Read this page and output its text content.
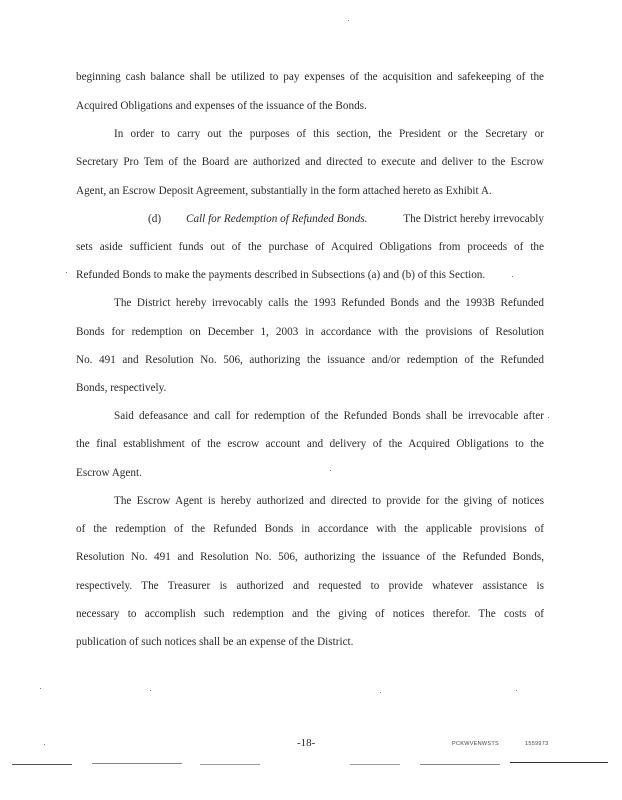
beginning cash balance shall be utilized to pay expenses of the acquisition and safekeeping of the
Acquired Obligations and expenses of the issuance of the Bonds.
In order to carry out the purposes of this section, the President or the Secretary or
Secretary Pro Tem of the Board are authorized and directed to execute and deliver to the Escrow
Agent, an Escrow Deposit Agreement, substantially in the form attached hereto as Exhibit A.
(d) Call for Redemption of Refunded Bonds.	The District hereby irrevocably
sets aside sufficient funds out of the purchase of Acquired Obligations from proceeds of the
Refunded Bonds to make the payments described in Subsections (a) and (b) of this Section.
The District hereby irrevocably calls the 1993 Refunded Bonds and the 1993B Refunded
Bonds for redemption on December 1, 2003 in accordance with the provisions of Resolution
No. 491 and Resolution No. 506, authorizing the issuance and/or redemption of the Refunded
Bonds, respectively.
Said defeasance and call for redemption of the Refunded Bonds shall be irrevocable after
the final establishment of the escrow account and delivery of the Acquired Obligations to the
Escrow Agent.
The Escrow Agent is hereby authorized and directed to provide for the giving of notices
of the redemption of the Refunded Bonds in accordance with the applicable provisions of
Resolution No. 491 and Resolution No. 506, authorizing the issuance of the Refunded Bonds,
respectively. The Treasurer is authorized and requested to provide whatever assistance is
necessary to accomplish such redemption and the giving of notices therefor. The costs of
publication of such notices shall be an expense of the District.
-18-	PCKWVENWSTS	1559973
